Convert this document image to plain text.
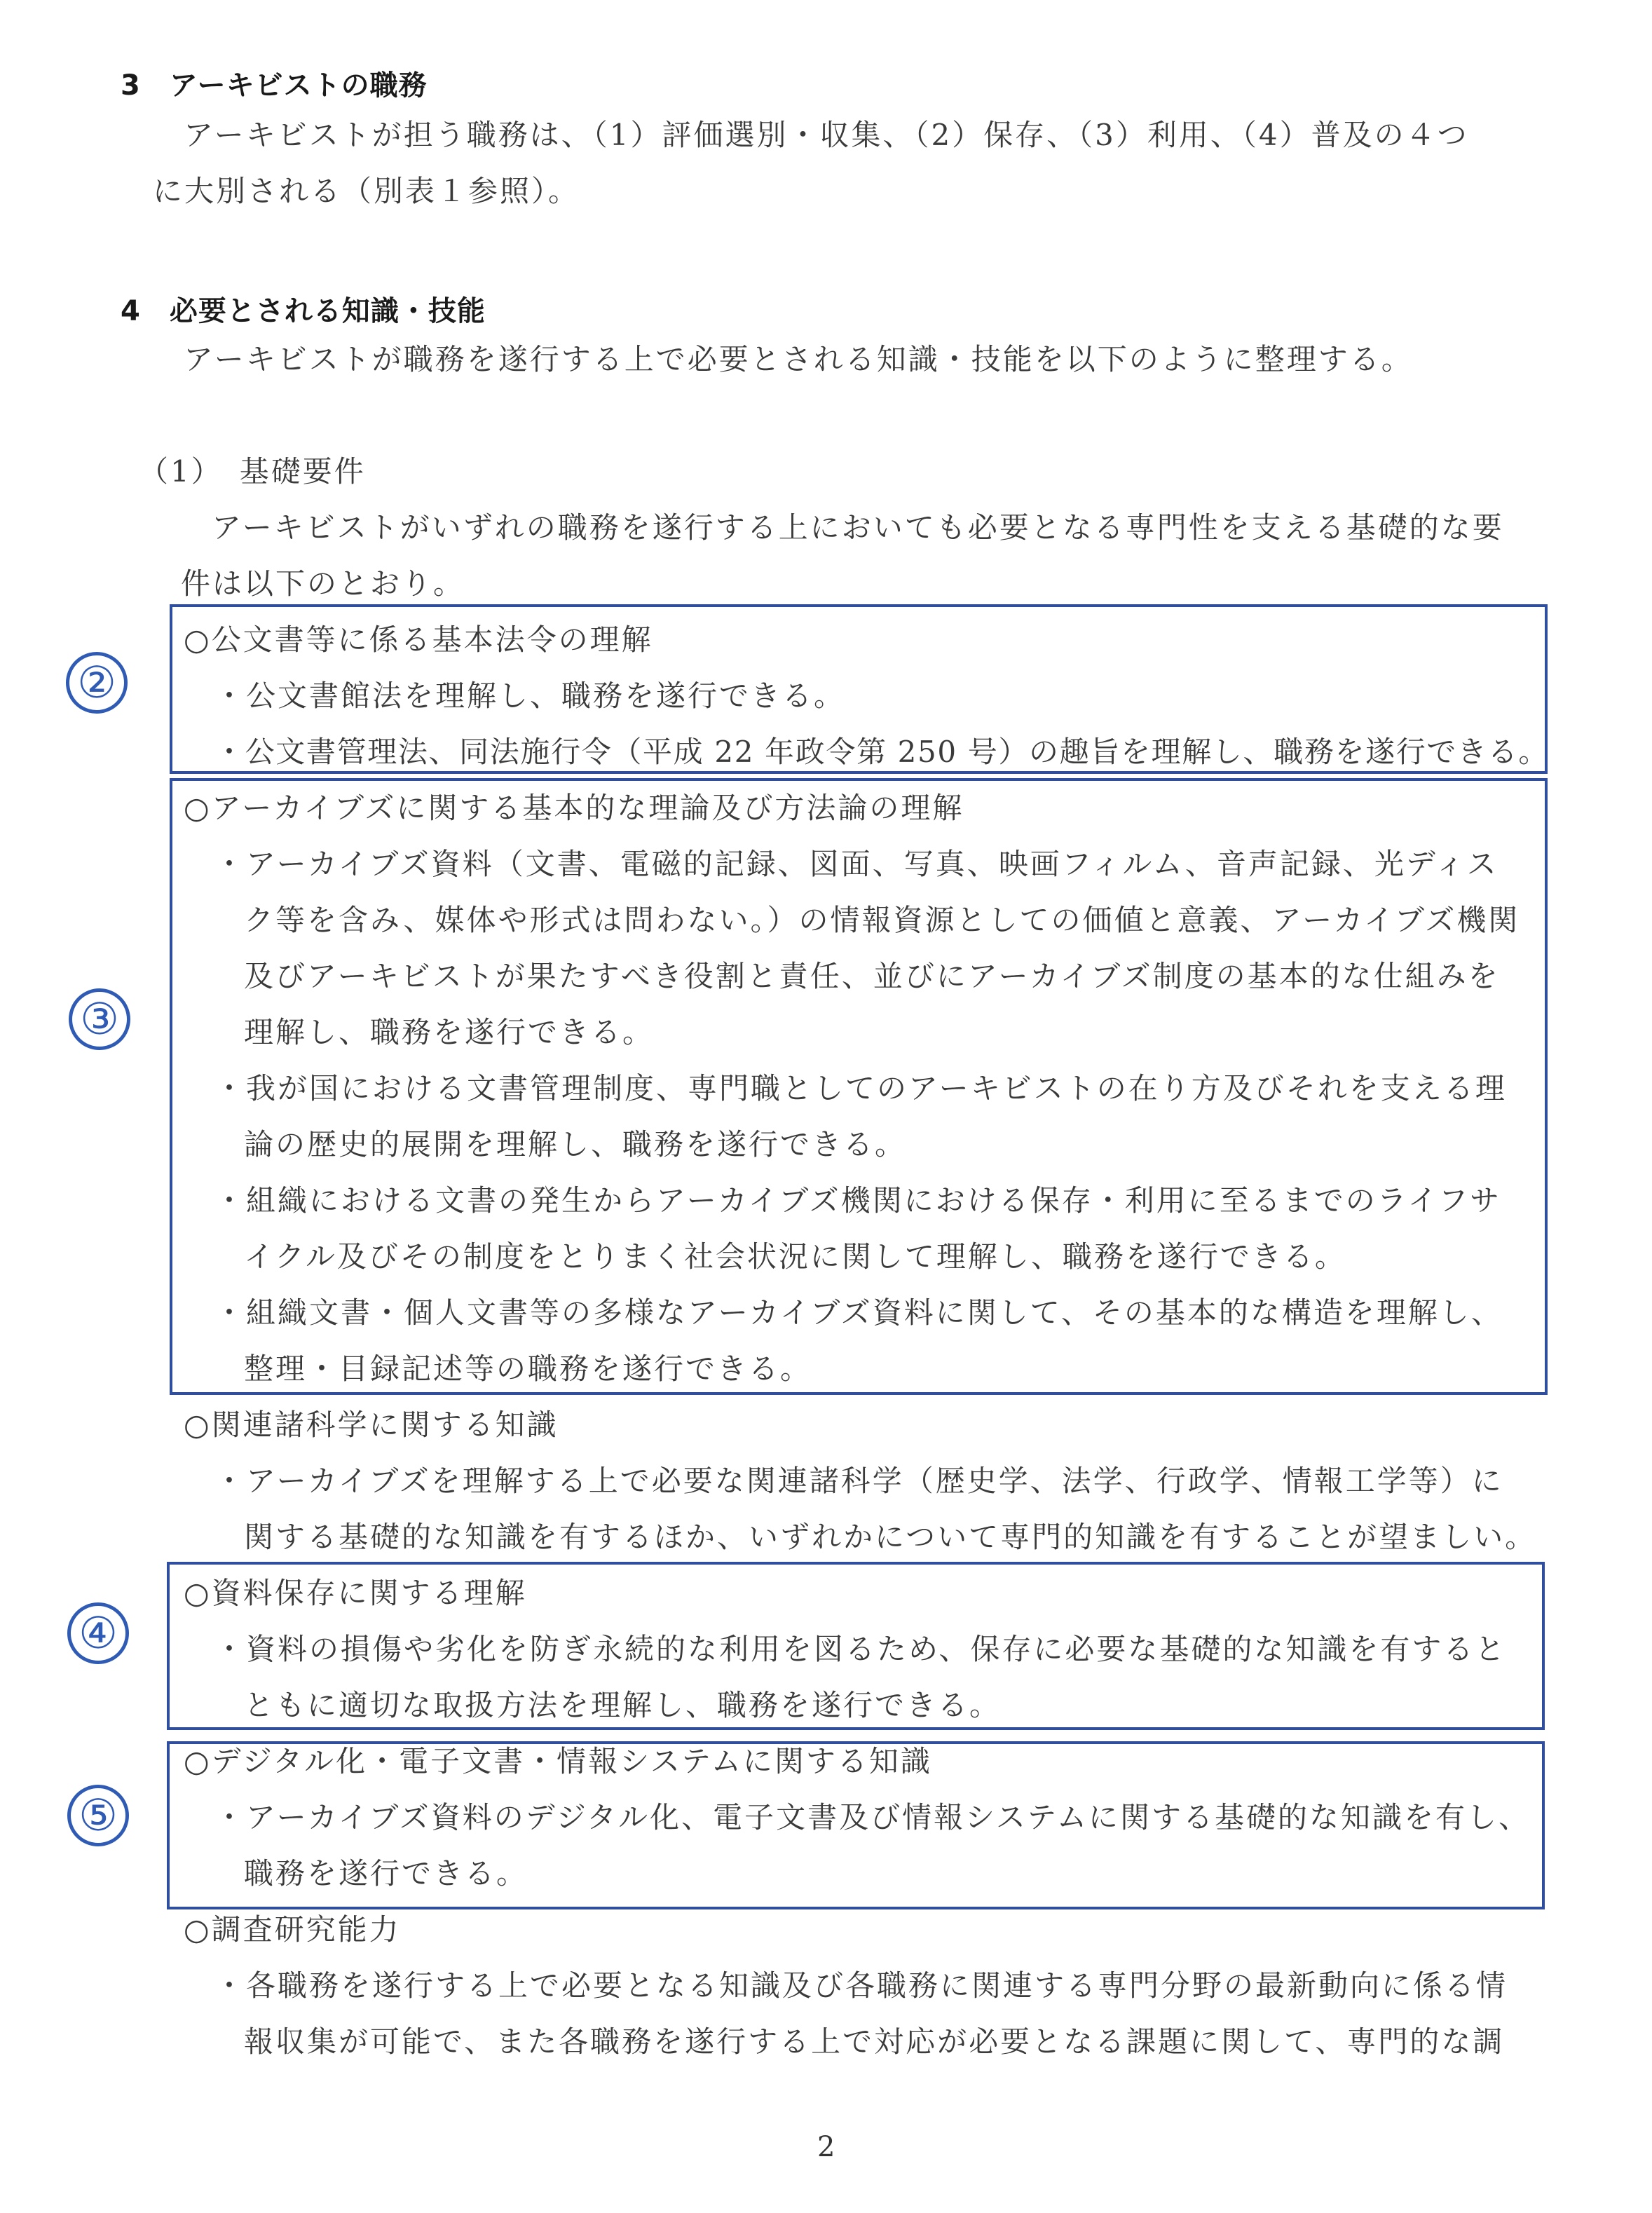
3　アーキビストの職務
アーキビストが担う職務は、（1）評価選別・収集、（2）保存、（3）利用、（4）普及の４つ
に大別される（別表１参照）。
4　必要とされる知識・技能
アーキビストが職務を遂行する上で必要とされる知識・技能を以下のように整理する。
（1）　基礎要件
アーキビストがいずれの職務を遂行する上においても必要となる専門性を支える基礎的な要
件は以下のとおり。
②
③
④
⑤
○公文書等に係る基本法令の理解
・公文書館法を理解し、職務を遂行できる。
・公文書管理法、同法施行令（平成 22 年政令第 250 号）の趣旨を理解し、職務を遂行できる。
○アーカイブズに関する基本的な理論及び方法論の理解
・アーカイブズ資料（文書、電磁的記録、図面、写真、映画フィルム、音声記録、光ディス
ク等を含み、媒体や形式は問わない。）の情報資源としての価値と意義、アーカイブズ機関
及びアーキビストが果たすべき役割と責任、並びにアーカイブズ制度の基本的な仕組みを
理解し、職務を遂行できる。
・我が国における文書管理制度、専門職としてのアーキビストの在り方及びそれを支える理
論の歴史的展開を理解し、職務を遂行できる。
・組織における文書の発生からアーカイブズ機関における保存・利用に至るまでのライフサ
イクル及びその制度をとりまく社会状況に関して理解し、職務を遂行できる。
・組織文書・個人文書等の多様なアーカイブズ資料に関して、その基本的な構造を理解し、
整理・目録記述等の職務を遂行できる。
○関連諸科学に関する知識
・アーカイブズを理解する上で必要な関連諸科学（歴史学、法学、行政学、情報工学等）に
関する基礎的な知識を有するほか、いずれかについて専門的知識を有することが望ましい。
○資料保存に関する理解
・資料の損傷や劣化を防ぎ永続的な利用を図るため、保存に必要な基礎的な知識を有すると
ともに適切な取扱方法を理解し、職務を遂行できる。
○デジタル化・電子文書・情報システムに関する知識
・アーカイブズ資料のデジタル化、電子文書及び情報システムに関する基礎的な知識を有し、
職務を遂行できる。
○調査研究能力
・各職務を遂行する上で必要となる知識及び各職務に関連する専門分野の最新動向に係る情
報収集が可能で、また各職務を遂行する上で対応が必要となる課題に関して、専門的な調
2
